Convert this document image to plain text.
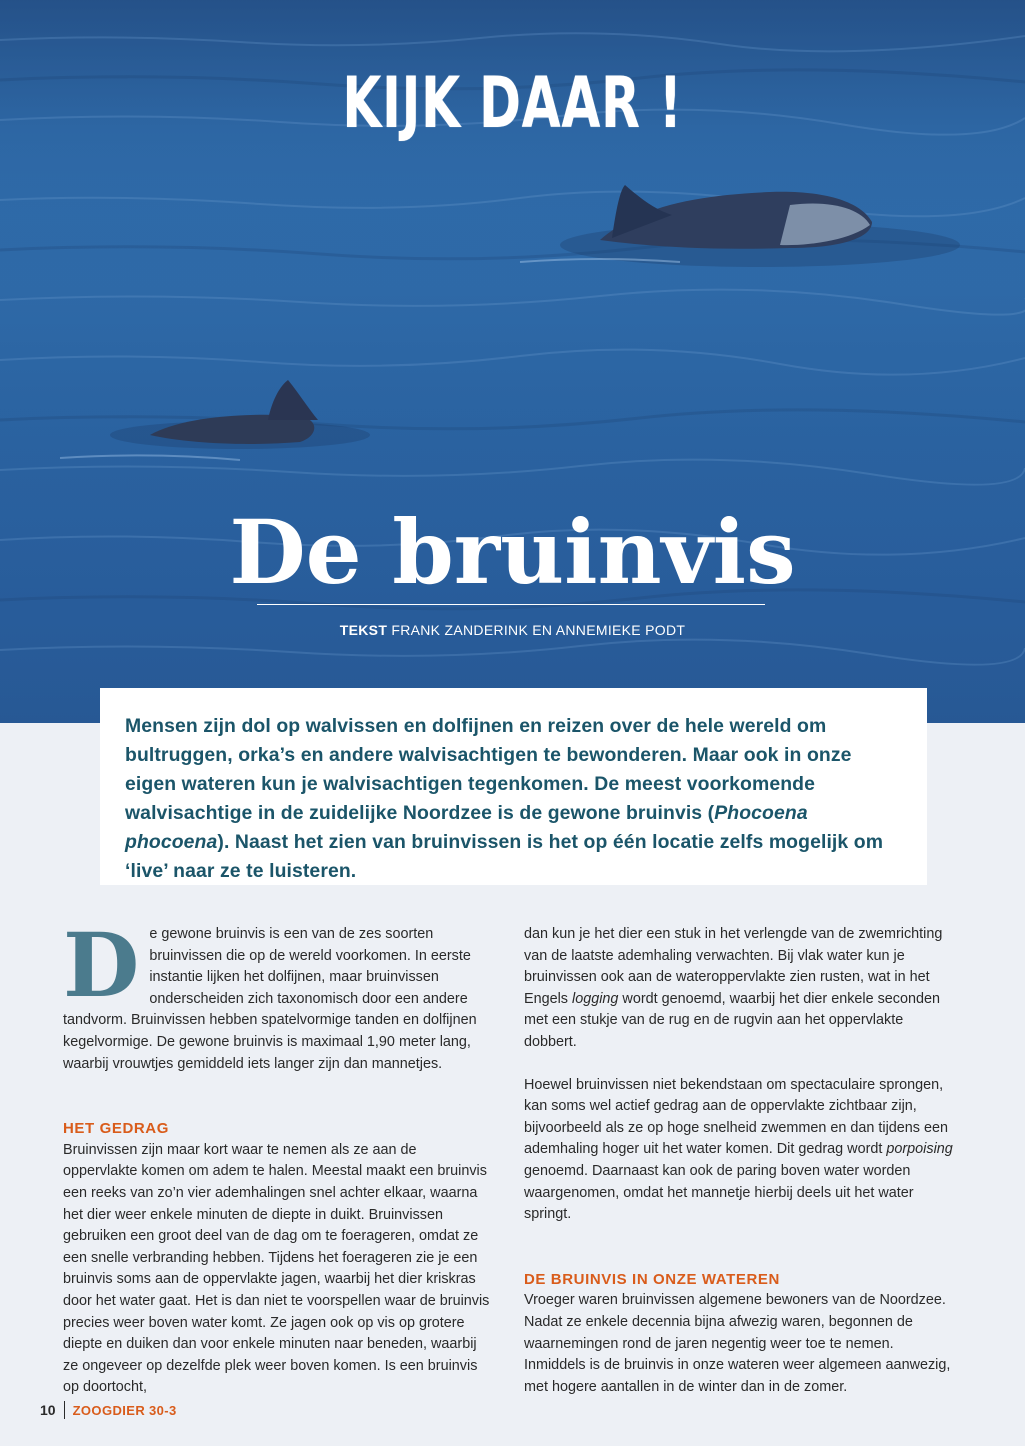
KIJK DAAR !
De bruinvis
TEKST FRANK ZANDERINK EN ANNEMIEKE PODT

Mensen zijn dol op walvissen en dolfijnen en reizen over de hele wereld om bultruggen, orka’s en andere walvisachtigen te bewonderen. Maar ook in onze eigen wateren kun je walvisachtigen tegenkomen. De meest voorkomende walvisachtige in de zuidelijke Noordzee is de gewone bruinvis (Phocoena phocoena). Naast het zien van bruinvissen is het op één locatie zelfs mogelijk om ‘live’ naar ze te luisteren.

De gewone bruinvis is een van de zes soorten bruinvissen die op de wereld voorkomen. In eerste instantie lijken het dolfijnen, maar bruinvissen onderscheiden zich taxonomisch door een andere tandvorm. Bruinvissen hebben spatelvormige tanden en dolfijnen kegelvormige. De gewone bruinvis is maximaal 1,90 meter lang, waarbij vrouwtjes gemiddeld iets langer zijn dan mannetjes.

HET GEDRAG

Bruinvissen zijn maar kort waar te nemen als ze aan de oppervlakte komen om adem te halen. Meestal maakt een bruinvis een reeks van zo’n vier ademhalingen snel achter elkaar, waarna het dier weer enkele minuten de diepte in duikt. Bruinvissen gebruiken een groot deel van de dag om te foerageren, omdat ze een snelle verbranding hebben. Tijdens het foerageren zie je een bruinvis soms aan de oppervlakte jagen, waarbij het dier kriskras door het water gaat. Het is dan niet te voorspellen waar de bruinvis precies weer boven water komt. Ze jagen ook op vis op grotere diepte en duiken dan voor enkele minuten naar beneden, waarbij ze ongeveer op dezelfde plek weer boven komen. Is een bruinvis op doortocht,

dan kun je het dier een stuk in het verlengde van de zwemrichting van de laatste ademhaling verwachten. Bij vlak water kun je bruinvissen ook aan de wateroppervlakte zien rusten, wat in het Engels logging wordt genoemd, waarbij het dier enkele seconden met een stukje van de rug en de rugvin aan het oppervlakte dobbert.

Hoewel bruinvissen niet bekendstaan om spectaculaire sprongen, kan soms wel actief gedrag aan de oppervlakte zichtbaar zijn, bijvoorbeeld als ze op hoge snelheid zwemmen en dan tijdens een ademhaling hoger uit het water komen. Dit gedrag wordt porpoising genoemd. Daarnaast kan ook de paring boven water worden waargenomen, omdat het mannetje hierbij deels uit het water springt.

DE BRUINVIS IN ONZE WATEREN

Vroeger waren bruinvissen algemene bewoners van de Noordzee. Nadat ze enkele decennia bijna afwezig waren, begonnen de waarnemingen rond de jaren negentig weer toe te nemen. Inmiddels is de bruinvis in onze wateren weer algemeen aanwezig, met hogere aantallen in de winter dan in de zomer.

10 ZOOGDIER 30-3
